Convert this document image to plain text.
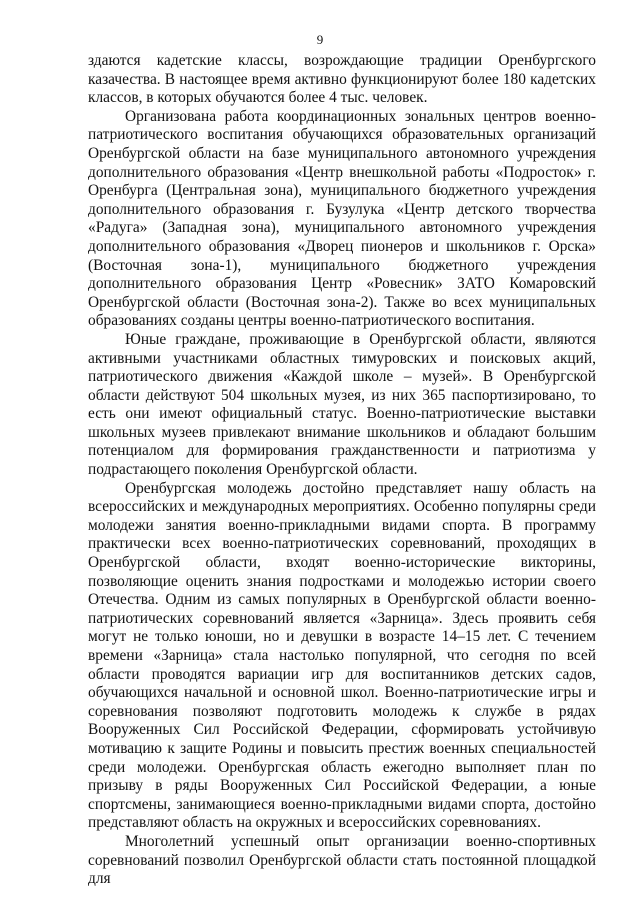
9

здаются кадетские классы, возрождающие традиции Оренбургского казачества. В настоящее время активно функционируют более 180 кадетских классов, в которых обучаются более 4 тыс. человек.

Организована работа координационных зональных центров военно-патриотического воспитания обучающихся образовательных организаций Оренбургской области на базе муниципального автономного учреждения дополнительного образования «Центр внешкольной работы «Подросток» г. Оренбурга (Центральная зона), муниципального бюджетного учреждения дополнительного образования г. Бузулука «Центр детского творчества «Радуга» (Западная зона), муниципального автономного учреждения дополнительного образования «Дворец пионеров и школьников г. Орска» (Восточная зона-1), муниципального бюджетного учреждения дополнительного образования Центр «Ровесник» ЗАТО Комаровский Оренбургской области (Восточная зона-2). Также во всех муниципальных образованиях созданы центры военно-патриотического воспитания.

Юные граждане, проживающие в Оренбургской области, являются активными участниками областных тимуровских и поисковых акций, патриотического движения «Каждой школе – музей». В Оренбургской области действуют 504 школьных музея, из них 365 паспортизировано, то есть они имеют официальный статус. Военно-патриотические выставки школьных музеев привлекают внимание школьников и обладают большим потенциалом для формирования гражданственности и патриотизма у подрастающего поколения Оренбургской области.

Оренбургская молодежь достойно представляет нашу область на всероссийских и международных мероприятиях. Особенно популярны среди молодежи занятия военно-прикладными видами спорта. В программу практически всех военно-патриотических соревнований, проходящих в Оренбургской области, входят военно-исторические викторины, позволяющие оценить знания подростками и молодежью истории своего Отечества. Одним из самых популярных в Оренбургской области военно-патриотических соревнований является «Зарница». Здесь проявить себя могут не только юноши, но и девушки в возрасте 14–15 лет. С течением времени «Зарница» стала настолько популярной, что сегодня по всей области проводятся вариации игр для воспитанников детских садов, обучающихся начальной и основной школ. Военно-патриотические игры и соревнования позволяют подготовить молодежь к службе в рядах Вооруженных Сил Российской Федерации, сформировать устойчивую мотивацию к защите Родины и повысить престиж военных специальностей среди молодежи. Оренбургская область ежегодно выполняет план по призыву в ряды Вооруженных Сил Российской Федерации, а юные спортсмены, занимающиеся военно-прикладными видами спорта, достойно представляют область на окружных и всероссийских соревнованиях.

Многолетний успешный опыт организации военно-спортивных соревнований позволил Оренбургской области стать постоянной площадкой для
